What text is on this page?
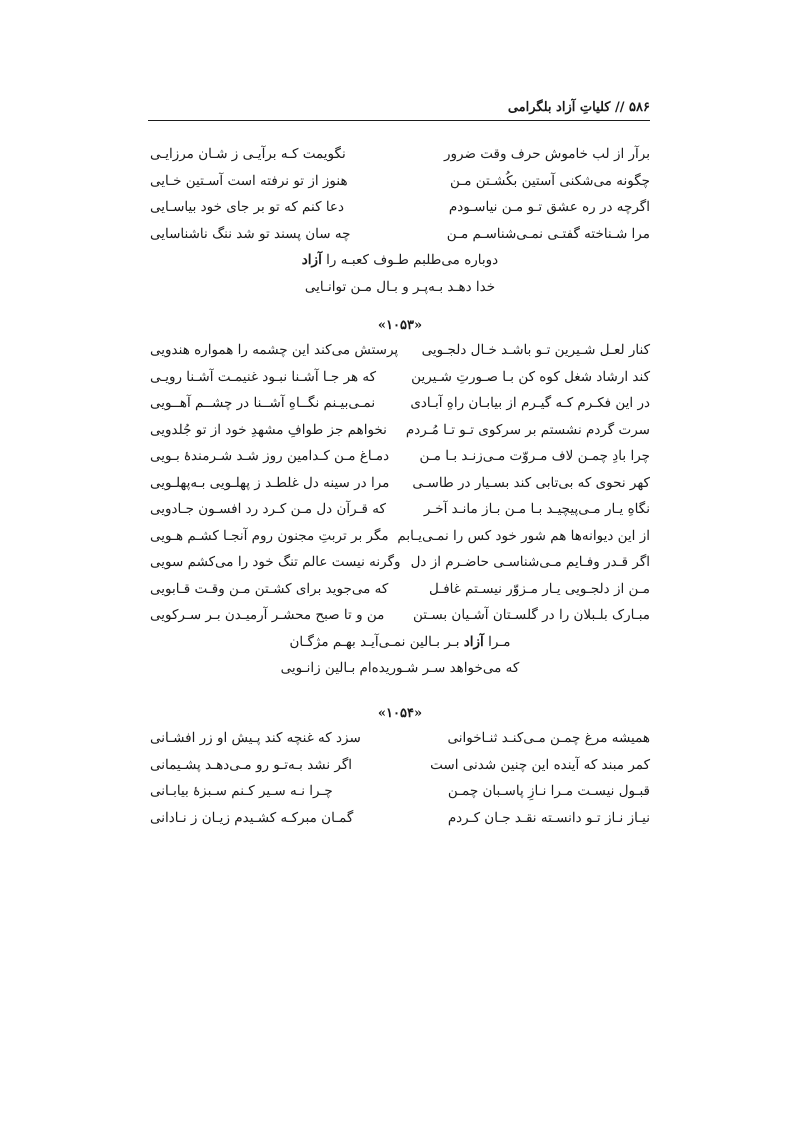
۵۸۶ // کلیاتِ آزاد بلگرامی
برآر از لب خاموش حرف وقت ضرور
نگویمت کـه برآیـی ز شـان مرزایـی
چگونه می‌شکنی آستین بکُشـتن مـن
هنوز از تو نرفته است آسـتین خـایی
اگرچه در ره عشق تـو مـن نیاسـودم
دعا کنم که تو بر جای خود بیاسـایی
مرا شـناخته گفتـی نمـی‌شناسـم مـن
چه سان پسند تو شد ننگ ناشناسایی
دوباره می‌طلبم طـوف کعبـه را آزاد
خدا دهـد بـه‌پـر و بـال مـن توانـایی
«۱۰۵۳»
کنار لعـل شـیرین تـو باشـد خـال دلجـویی
پرستش می‌کند این چشمه را همواره هندویی
کند ارشاد شغل کوه کن بـا صـورتِ شـیرین
که هر جـا آشـنا نبـود غنیمـت آشـنا رویـی
در این فکـرم کـه گیـرم از بیابـان راهِ آبـادی
نمـی‌بیـنم نگــاهِ آشــنا در چشــم آهــویی
سرت گردم نشستم بر سرکوی تـو تـا مُـردم
نخواهم جز طوافِ مشهدِ خود از تو جُلدویی
چرا بادِ چمـن لاف مـروّت مـی‌زنـد بـا مـن
دمـاغ مـن کـدامین روز شـد شـرمندهٔ بـویی
کهر نحوی که بی‌تابی کند بسـیار در طاسـی
مرا در سینه دل غلطـد ز پهلـویی بـه‌پهلـویی
نگاهِ یـار مـی‌پیچیـد بـا مـن بـاز مانـد آخـر
که قـرآن دل مـن کـرد رد افسـون جـادویی
از این دیوانه‌ها هم شور خود کس را نمـی‌یـابم
مگر بر تربتِ مجنون روم آنجـا کشـم هـویی
اگر قـدر وفـایم مـی‌شناسـی حاضـرم از دل
وگرنه نیست عالم تنگ خود را می‌کشم سویی
مـن از دلجـویی یـار مـزوّر نیسـتم غافـل
که می‌جوید برای کشـتن مـن وقـت قـابویی
مبـارک بلـبلان را در گلسـتان آشـیان بسـتن
من و تا صبح محشـر آرمیـدن بـر سـرکویی
مـرا آزاد بـر بـالین نمـی‌آیـد بهـم مژگـان
که می‌خواهد سـر شـوریده‌ام بـالین زانـویی
«۱۰۵۴»
همیشه مرغ چمـن مـی‌کنـد ثنـاخوانی
سزد که غنچه کند پـیش او زر افشـانی
کمر مبند که آینده این چنین شدنی است
اگر نشد بـه‌تـو رو مـی‌دهـد پشـیمانی
قبـول نیسـت مـرا نـازِ پاسـبان چمـن
چـرا نـه سـیر کـنم سـبزهٔ بیابـانی
نیـاز نـاز تـو دانسـته نقـد جـان کـردم
گمـان مبرکـه کشـیدم زیـان ز نـادانی
